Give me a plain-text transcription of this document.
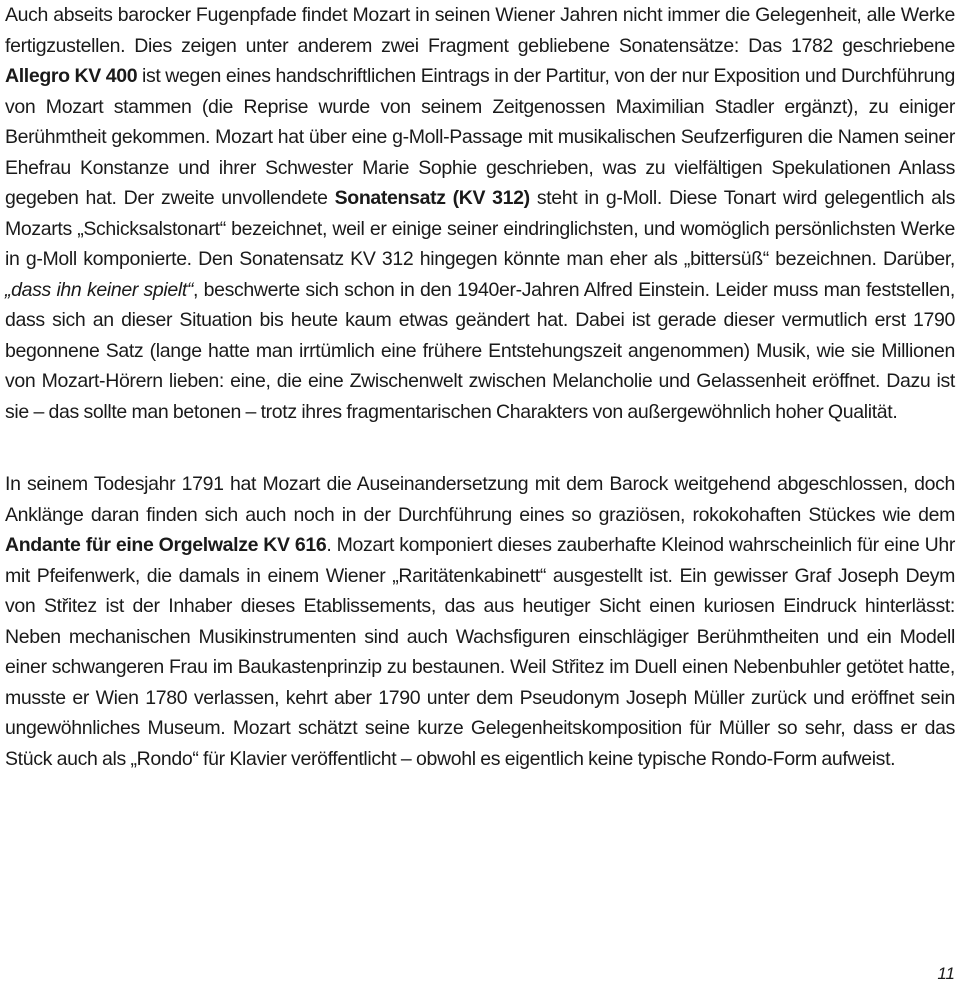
Auch abseits barocker Fugenpfade findet Mozart in seinen Wiener Jahren nicht immer die Gelegenheit, alle Werke fertigzustellen. Dies zeigen unter anderem zwei Fragment gebliebene Sonatensätze: Das 1782 geschriebene Allegro KV 400 ist wegen eines handschriftlichen Eintrags in der Partitur, von der nur Exposition und Durchführung von Mozart stammen (die Reprise wurde von seinem Zeitgenossen Maximilian Stadler ergänzt), zu einiger Berühmtheit gekommen. Mozart hat über eine g-Moll-Passage mit musikalischen Seufzerfiguren die Namen seiner Ehefrau Konstanze und ihrer Schwester Marie Sophie geschrieben, was zu vielfältigen Spekulationen Anlass gegeben hat. Der zweite unvollendete Sonatensatz (KV 312) steht in g-Moll. Diese Tonart wird gelegentlich als Mozarts „Schicksalstonart“ bezeichnet, weil er einige seiner eindringlichsten, und womöglich persönlichsten Werke in g-Moll komponierte. Den Sonatensatz KV 312 hingegen könnte man eher als „bittersüß“ bezeichnen. Darüber, „dass ihn keiner spielt“, beschwerte sich schon in den 1940er-Jahren Alfred Einstein. Leider muss man feststellen, dass sich an dieser Situation bis heute kaum etwas geändert hat. Dabei ist gerade dieser vermutlich erst 1790 begonnene Satz (lange hatte man irrtümlich eine frühere Entstehungszeit angenommen) Musik, wie sie Millionen von Mozart-Hörern lieben: eine, die eine Zwischenwelt zwischen Melancholie und Gelassenheit eröffnet. Dazu ist sie – das sollte man betonen – trotz ihres fragmentarischen Charakters von außergewöhnlich hoher Qualität.

In seinem Todesjahr 1791 hat Mozart die Auseinandersetzung mit dem Barock weitgehend abgeschlossen, doch Anklänge daran finden sich auch noch in der Durchführung eines so graziösen, rokokohaften Stückes wie dem Andante für eine Orgelwalze KV 616. Mozart komponiert dieses zauberhafte Kleinod wahrscheinlich für eine Uhr mit Pfeifenwerk, die damals in einem Wiener „Raritätenkabinett“ ausgestellt ist. Ein gewisser Graf Joseph Deym von Střitez ist der Inhaber dieses Etablissements, das aus heutiger Sicht einen kuriosen Eindruck hinterlässt: Neben mechanischen Musikinstrumenten sind auch Wachsfiguren einschlägiger Berühmtheiten und ein Modell einer schwangeren Frau im Baukastenprinzip zu bestaunen. Weil Střitez im Duell einen Nebenbuhler getötet hatte, musste er Wien 1780 verlassen, kehrt aber 1790 unter dem Pseudonym Joseph Müller zurück und eröffnet sein ungewöhnliches Museum. Mozart schätzt seine kurze Gelegenheitskomposition für Müller so sehr, dass er das Stück auch als „Rondo“ für Klavier veröffentlicht – obwohl es eigentlich keine typische Rondo-Form aufweist.

11
